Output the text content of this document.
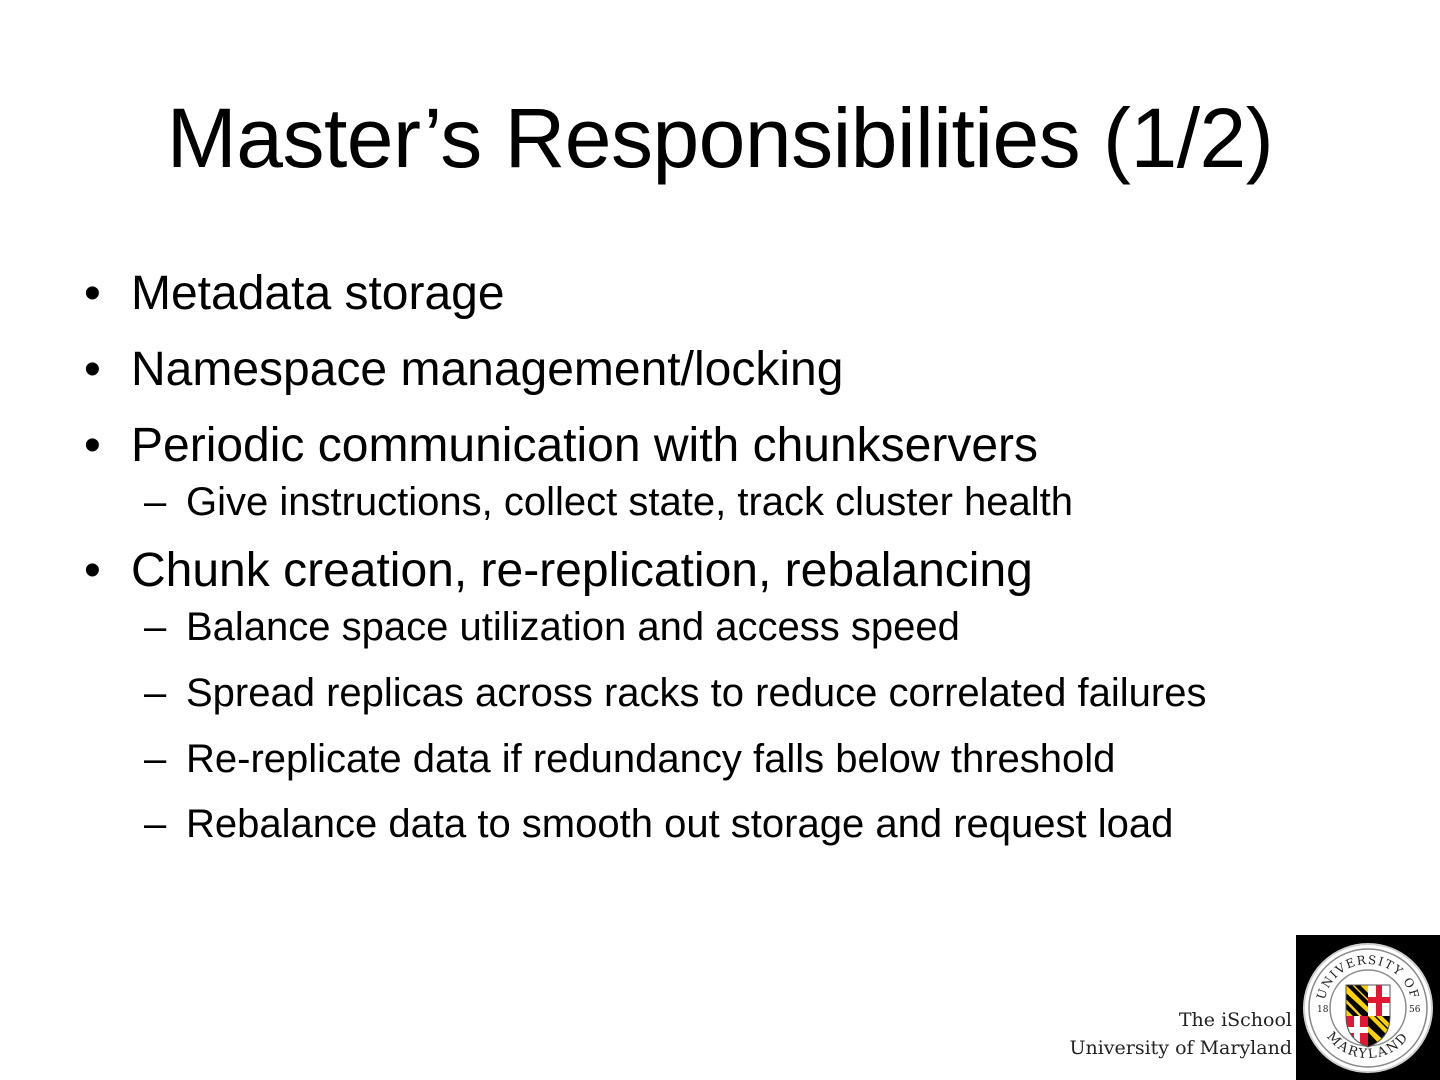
Master’s Responsibilities (1/2)
• Metadata storage
• Namespace management/locking
• Periodic communication with chunkservers
– Give instructions, collect state, track cluster health
• Chunk creation, re-replication, rebalancing
– Balance space utilization and access speed
– Spread replicas across racks to reduce correlated failures
– Re-replicate data if redundancy falls below threshold
– Rebalance data to smooth out storage and request load
The iSchool
University of Maryland
UNIVERSITY OF
MARYLAND
18	56
